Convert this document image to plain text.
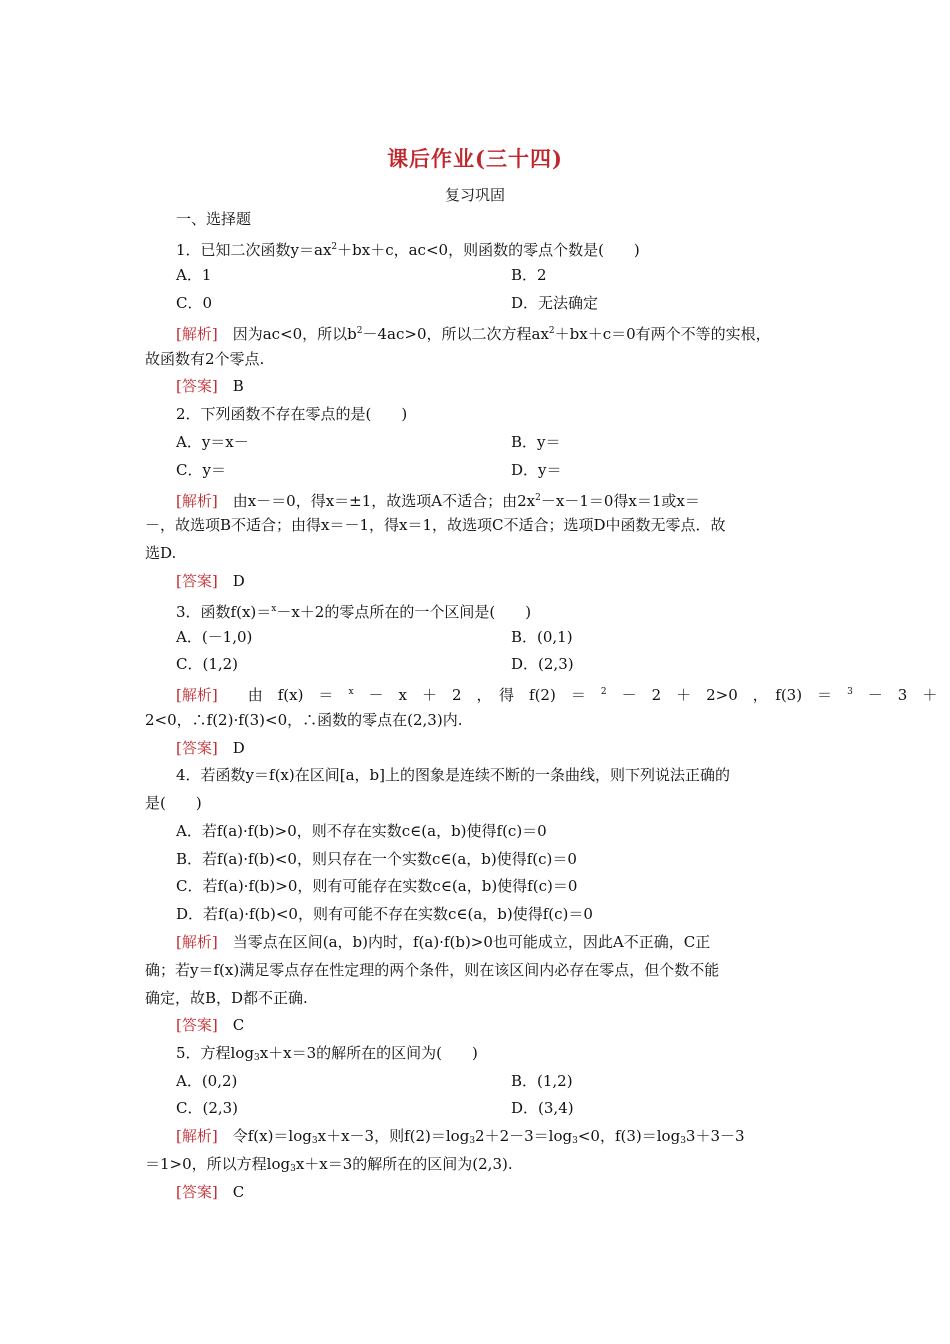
课后作业(三十四)
复习巩固
一、选择题
1．已知二次函数$y=ax^2+bx+c$，ac<0，则函数的零点个数是(　　)
A．1	B．2
C．0	D．无法确定
[解析]　因为ac<0，所以$b^2-4ac>0$，所以二次方程$ax^2+bx+c=0$有两个不等的实根，
故函数有2个零点.
[答案]　B
2．下列函数不存在零点的是(　　)
A．y＝x－	B．y＝
C．y＝	D．y＝
[解析]　由x－＝0，得x＝±1，故选项A不适合；由$2x^2-x-1=0$得x＝1或x＝
－，故选项B不适合；由得x＝－1，得x＝1，故选项C不适合；选项D中函数无零点．故
选D.
[答案]　D
3．函数f(x)＝$^x$－x＋2的零点所在的一个区间是(　　)
A．(－1,0)	B．(0,1)
C．(1,2)	D．(2,3)
[解析]　　由　f(x)　＝　$^x$　－　x　＋　2　，　得　f(2)　＝　$^2$　－　2　＋　2>0　，　f(3)　＝　$^3$　－　3　＋
2<0，∴f(2)·f(3)<0，∴函数的零点在(2,3)内.
[答案]　D
4．若函数y＝f(x)在区间[a，b]上的图象是连续不断的一条曲线，则下列说法正确的
是(　　)
A．若f(a)·f(b)>0，则不存在实数c∈(a，b)使得f(c)＝0
B．若f(a)·f(b)<0，则只存在一个实数c∈(a，b)使得f(c)＝0
C．若f(a)·f(b)>0，则有可能存在实数c∈(a，b)使得f(c)＝0
D．若f(a)·f(b)<0，则有可能不存在实数c∈(a，b)使得f(c)＝0
[解析]　当零点在区间(a，b)内时，f(a)·f(b)>0也可能成立，因此A不正确，C正
确；若y＝f(x)满足零点存在性定理的两个条件，则在该区间内必存在零点，但个数不能
确定，故B，D都不正确.
[答案]　C
5．方程$\log_3x+x=3$的解所在的区间为(　　)
A．(0,2)	B．(1,2)
C．(2,3)	D．(3,4)
[解析]　令$f(x)=\log_3x+x-3$，则$f(2)=\log_32+2-3=\log_3<0$，$f(3)=\log_33+3-3$
＝1>0，所以方程$\log_3x+x=3$的解所在的区间为(2,3).
[答案]　C
